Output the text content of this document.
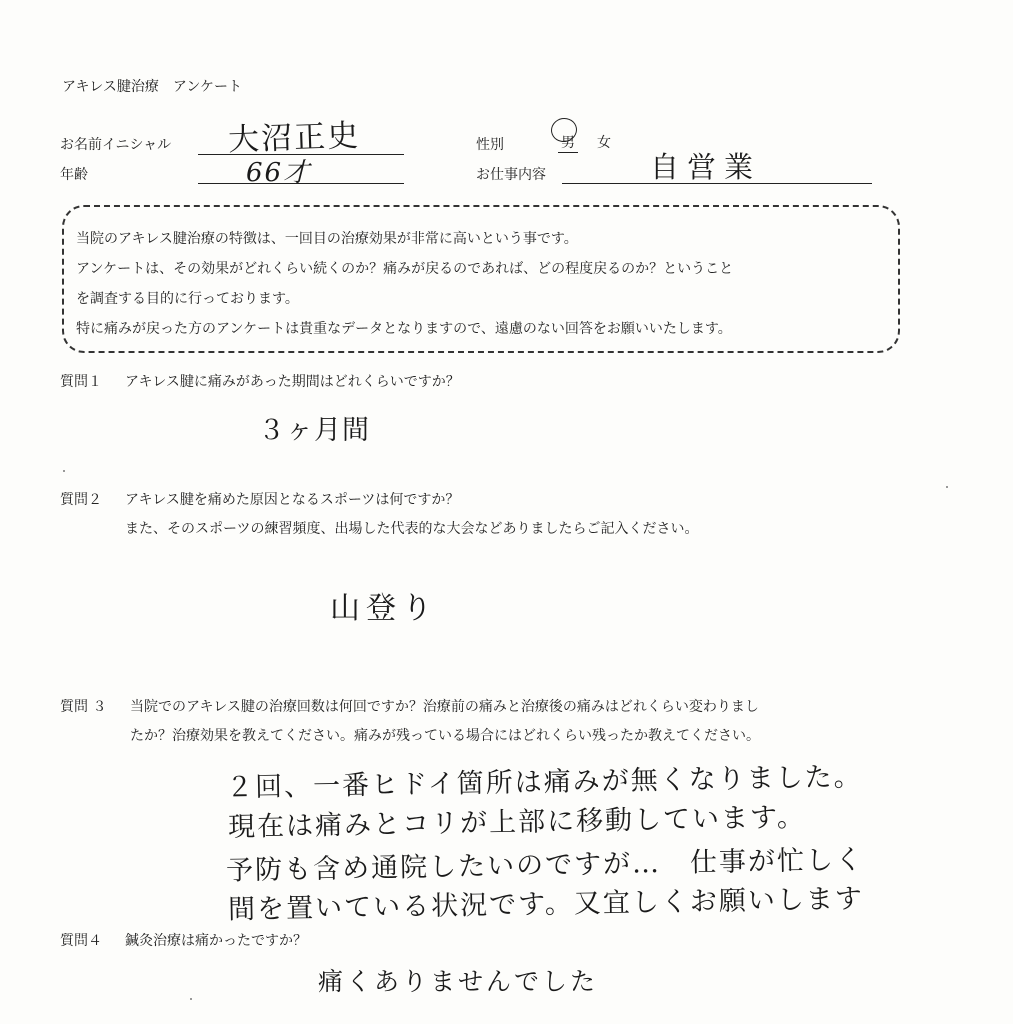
アキレス腱治療　アンケート
お名前イニシャル 大沼正史
年齢	66才
性別	男 女
お仕事内容	自営業
当院のアキレス腱治療の特徴は、一回目の治療効果が非常に高いという事です。
アンケートは、その効果がどれくらい続くのか？痛みが戻るのであれば、どの程度戻るのか？ということ
を調査する目的に行っております。
特に痛みが戻った方のアンケートは貴重なデータとなりますので、遠慮のない回答をお願いいたします。
質問１ アキレス腱に痛みがあった期間はどれくらいですか？
３ヶ月間
質問２ アキレス腱を痛めた原因となるスポーツは何ですか？
また、そのスポーツの練習頻度、出場した代表的な大会などありましたらご記入ください。
山登り
質問 ３ 当院でのアキレス腱の治療回数は何回ですか？治療前の痛みと治療後の痛みはどれくらい変わりまし
たか？治療効果を教えてください。痛みが残っている場合にはどれくらい残ったか教えてください。
２回、一番ヒドイ箇所は痛みが無くなりました。
現在は痛みとコリが上部に移動しています。
予防も含め通院したいのですが…　仕事が忙しく
間を置いている状況です。又宜しくお願いします
質問４ 鍼灸治療は痛かったですか？
痛くありませんでした
